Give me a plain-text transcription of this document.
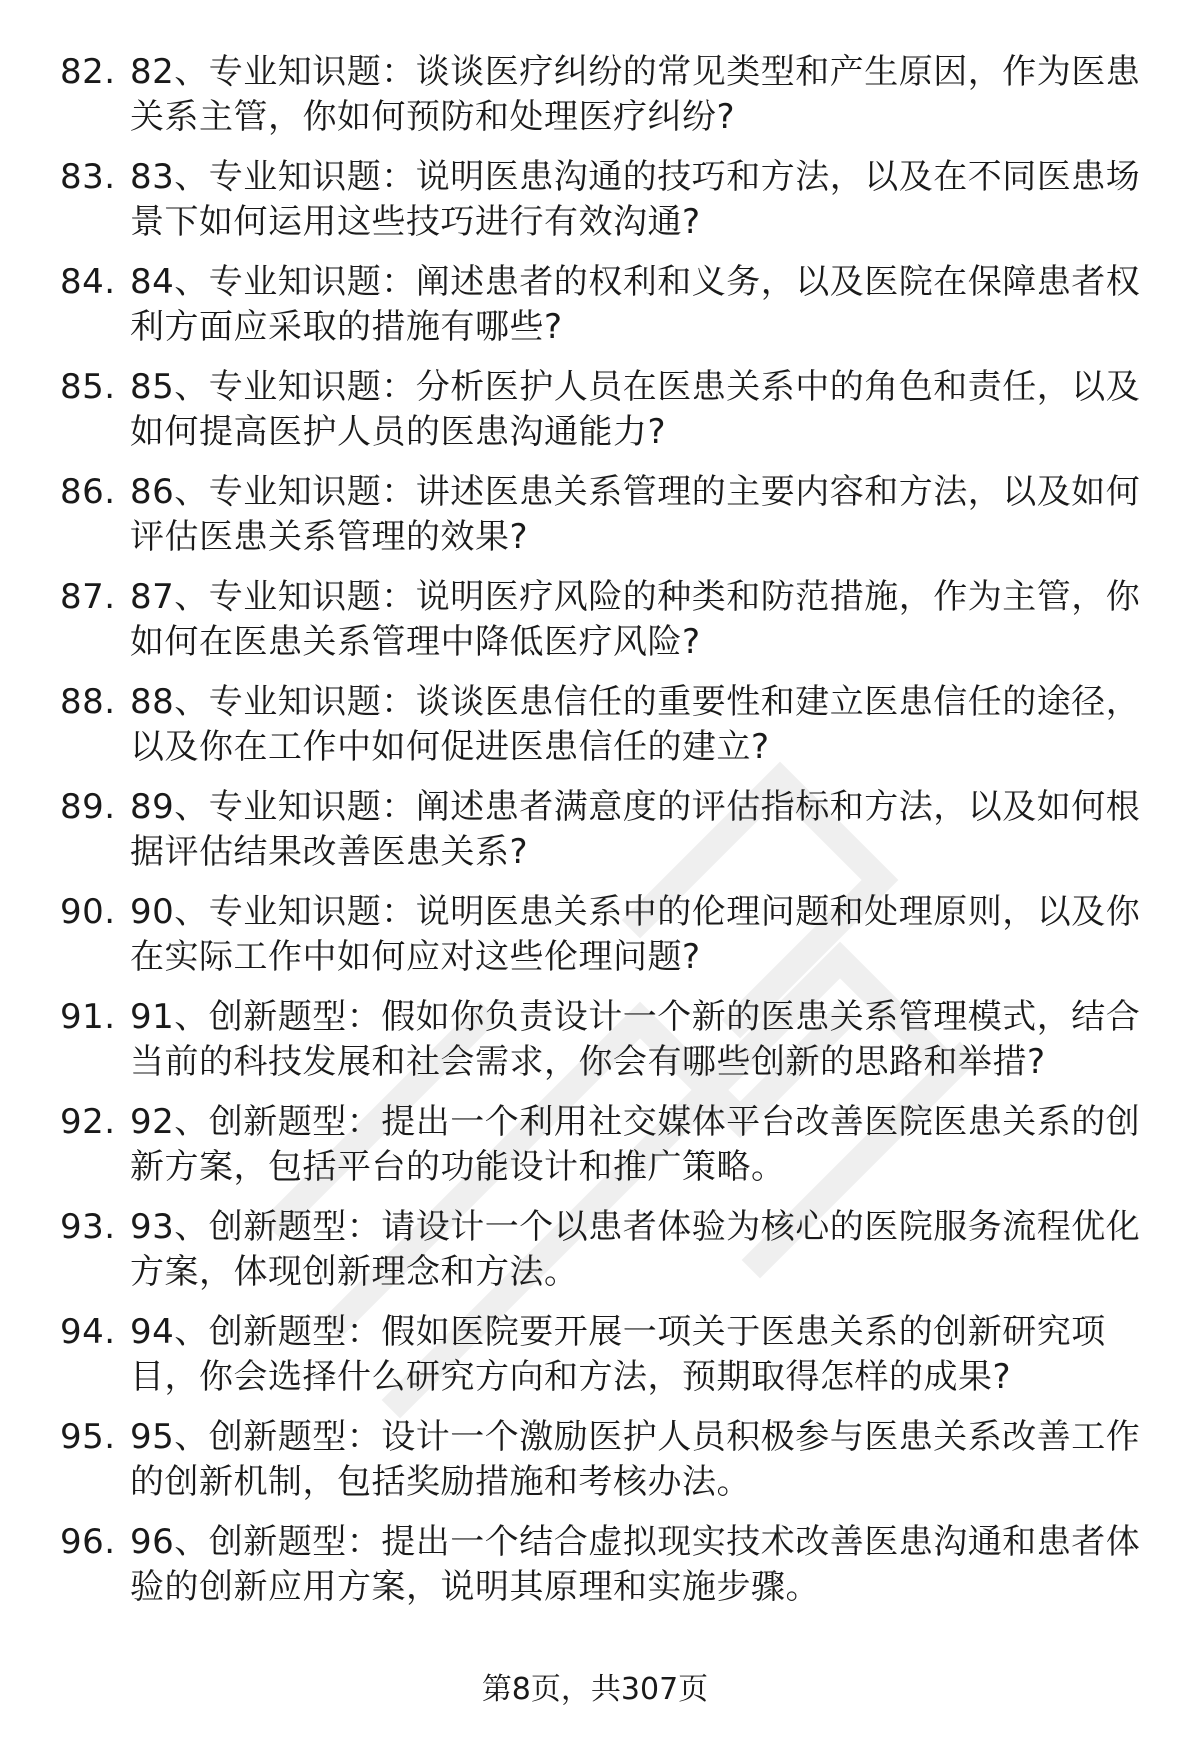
82. 82、专业知识题：谈谈医疗纠纷的常见类型和产生原因，作为医患关系主管，你如何预防和处理医疗纠纷?
83. 83、专业知识题：说明医患沟通的技巧和方法，以及在不同医患场景下如何运用这些技巧进行有效沟通?
84. 84、专业知识题：阐述患者的权利和义务，以及医院在保障患者权利方面应采取的措施有哪些?
85. 85、专业知识题：分析医护人员在医患关系中的角色和责任，以及如何提高医护人员的医患沟通能力?
86. 86、专业知识题：讲述医患关系管理的主要内容和方法，以及如何评估医患关系管理的效果?
87. 87、专业知识题：说明医疗风险的种类和防范措施，作为主管，你如何在医患关系管理中降低医疗风险?
88. 88、专业知识题：谈谈医患信任的重要性和建立医患信任的途径，以及你在工作中如何促进医患信任的建立?
89. 89、专业知识题：阐述患者满意度的评估指标和方法，以及如何根据评估结果改善医患关系?
90. 90、专业知识题：说明医患关系中的伦理问题和处理原则，以及你在实际工作中如何应对这些伦理问题?
91. 91、创新题型：假如你负责设计一个新的医患关系管理模式，结合当前的科技发展和社会需求，你会有哪些创新的思路和举措?
92. 92、创新题型：提出一个利用社交媒体平台改善医院医患关系的创新方案，包括平台的功能设计和推广策略。
93. 93、创新题型：请设计一个以患者体验为核心的医院服务流程优化方案，体现创新理念和方法。
94. 94、创新题型：假如医院要开展一项关于医患关系的创新研究项目，你会选择什么研究方向和方法，预期取得怎样的成果?
95. 95、创新题型：设计一个激励医护人员积极参与医患关系改善工作的创新机制，包括奖励措施和考核办法。
96. 96、创新题型：提出一个结合虚拟现实技术改善医患沟通和患者体验的创新应用方案，说明其原理和实施步骤。
第8页，共307页
